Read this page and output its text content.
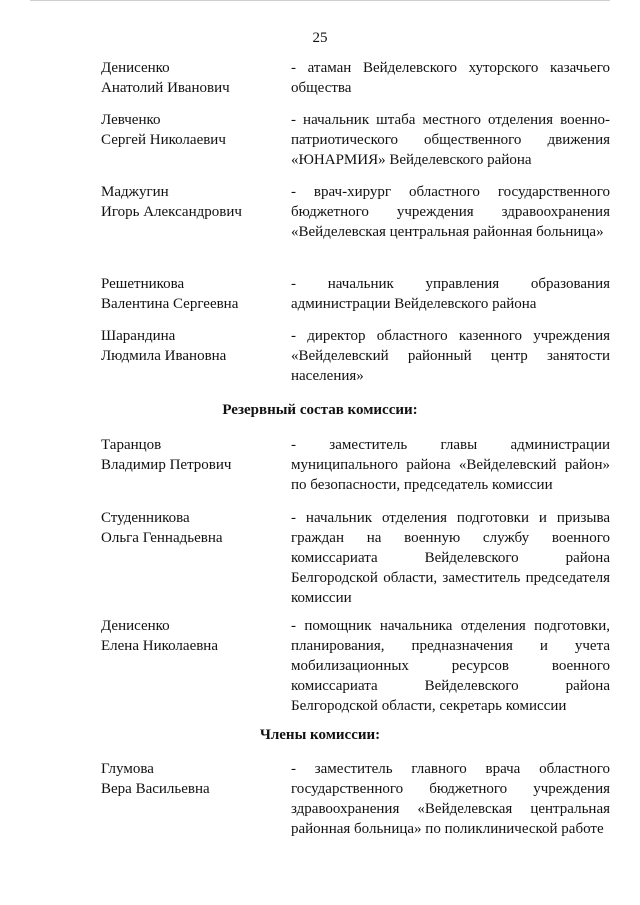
25
Денисенко
Анатолий Иванович
- атаман Вейделевского хуторского казачьего общества
Левченко
Сергей Николаевич
- начальник штаба местного отделения военно-патриотического общественного движения «ЮНАРМИЯ» Вейделевского района
Маджугин
Игорь Александрович
- врач-хирург областного государственного бюджетного учреждения здравоохранения «Вейделевская центральная районная больница»
Решетникова
Валентина Сергеевна
- начальник управления образования администрации Вейделевского района
Шарандина
Людмила Ивановна
- директор областного казенного учреждения «Вейделевский районный центр занятости населения»
Резервный состав комиссии:
Таранцов
Владимир Петрович
- заместитель главы администрации муниципального района «Вейделевский район» по безопасности, председатель комиссии
Студенникова
Ольга Геннадьевна
- начальник отделения подготовки и призыва граждан на военную службу военного комиссариата Вейделевского района Белгородской области, заместитель председателя комиссии
Денисенко
Елена Николаевна
- помощник начальника отделения подготовки, планирования, предназначения и учета мобилизационных ресурсов военного комиссариата Вейделевского района Белгородской области, секретарь комиссии
Члены комиссии:
Глумова
Вера Васильевна
- заместитель главного врача областного государственного бюджетного учреждения здравоохранения «Вейделевская центральная районная больница» по поликлинической работе
